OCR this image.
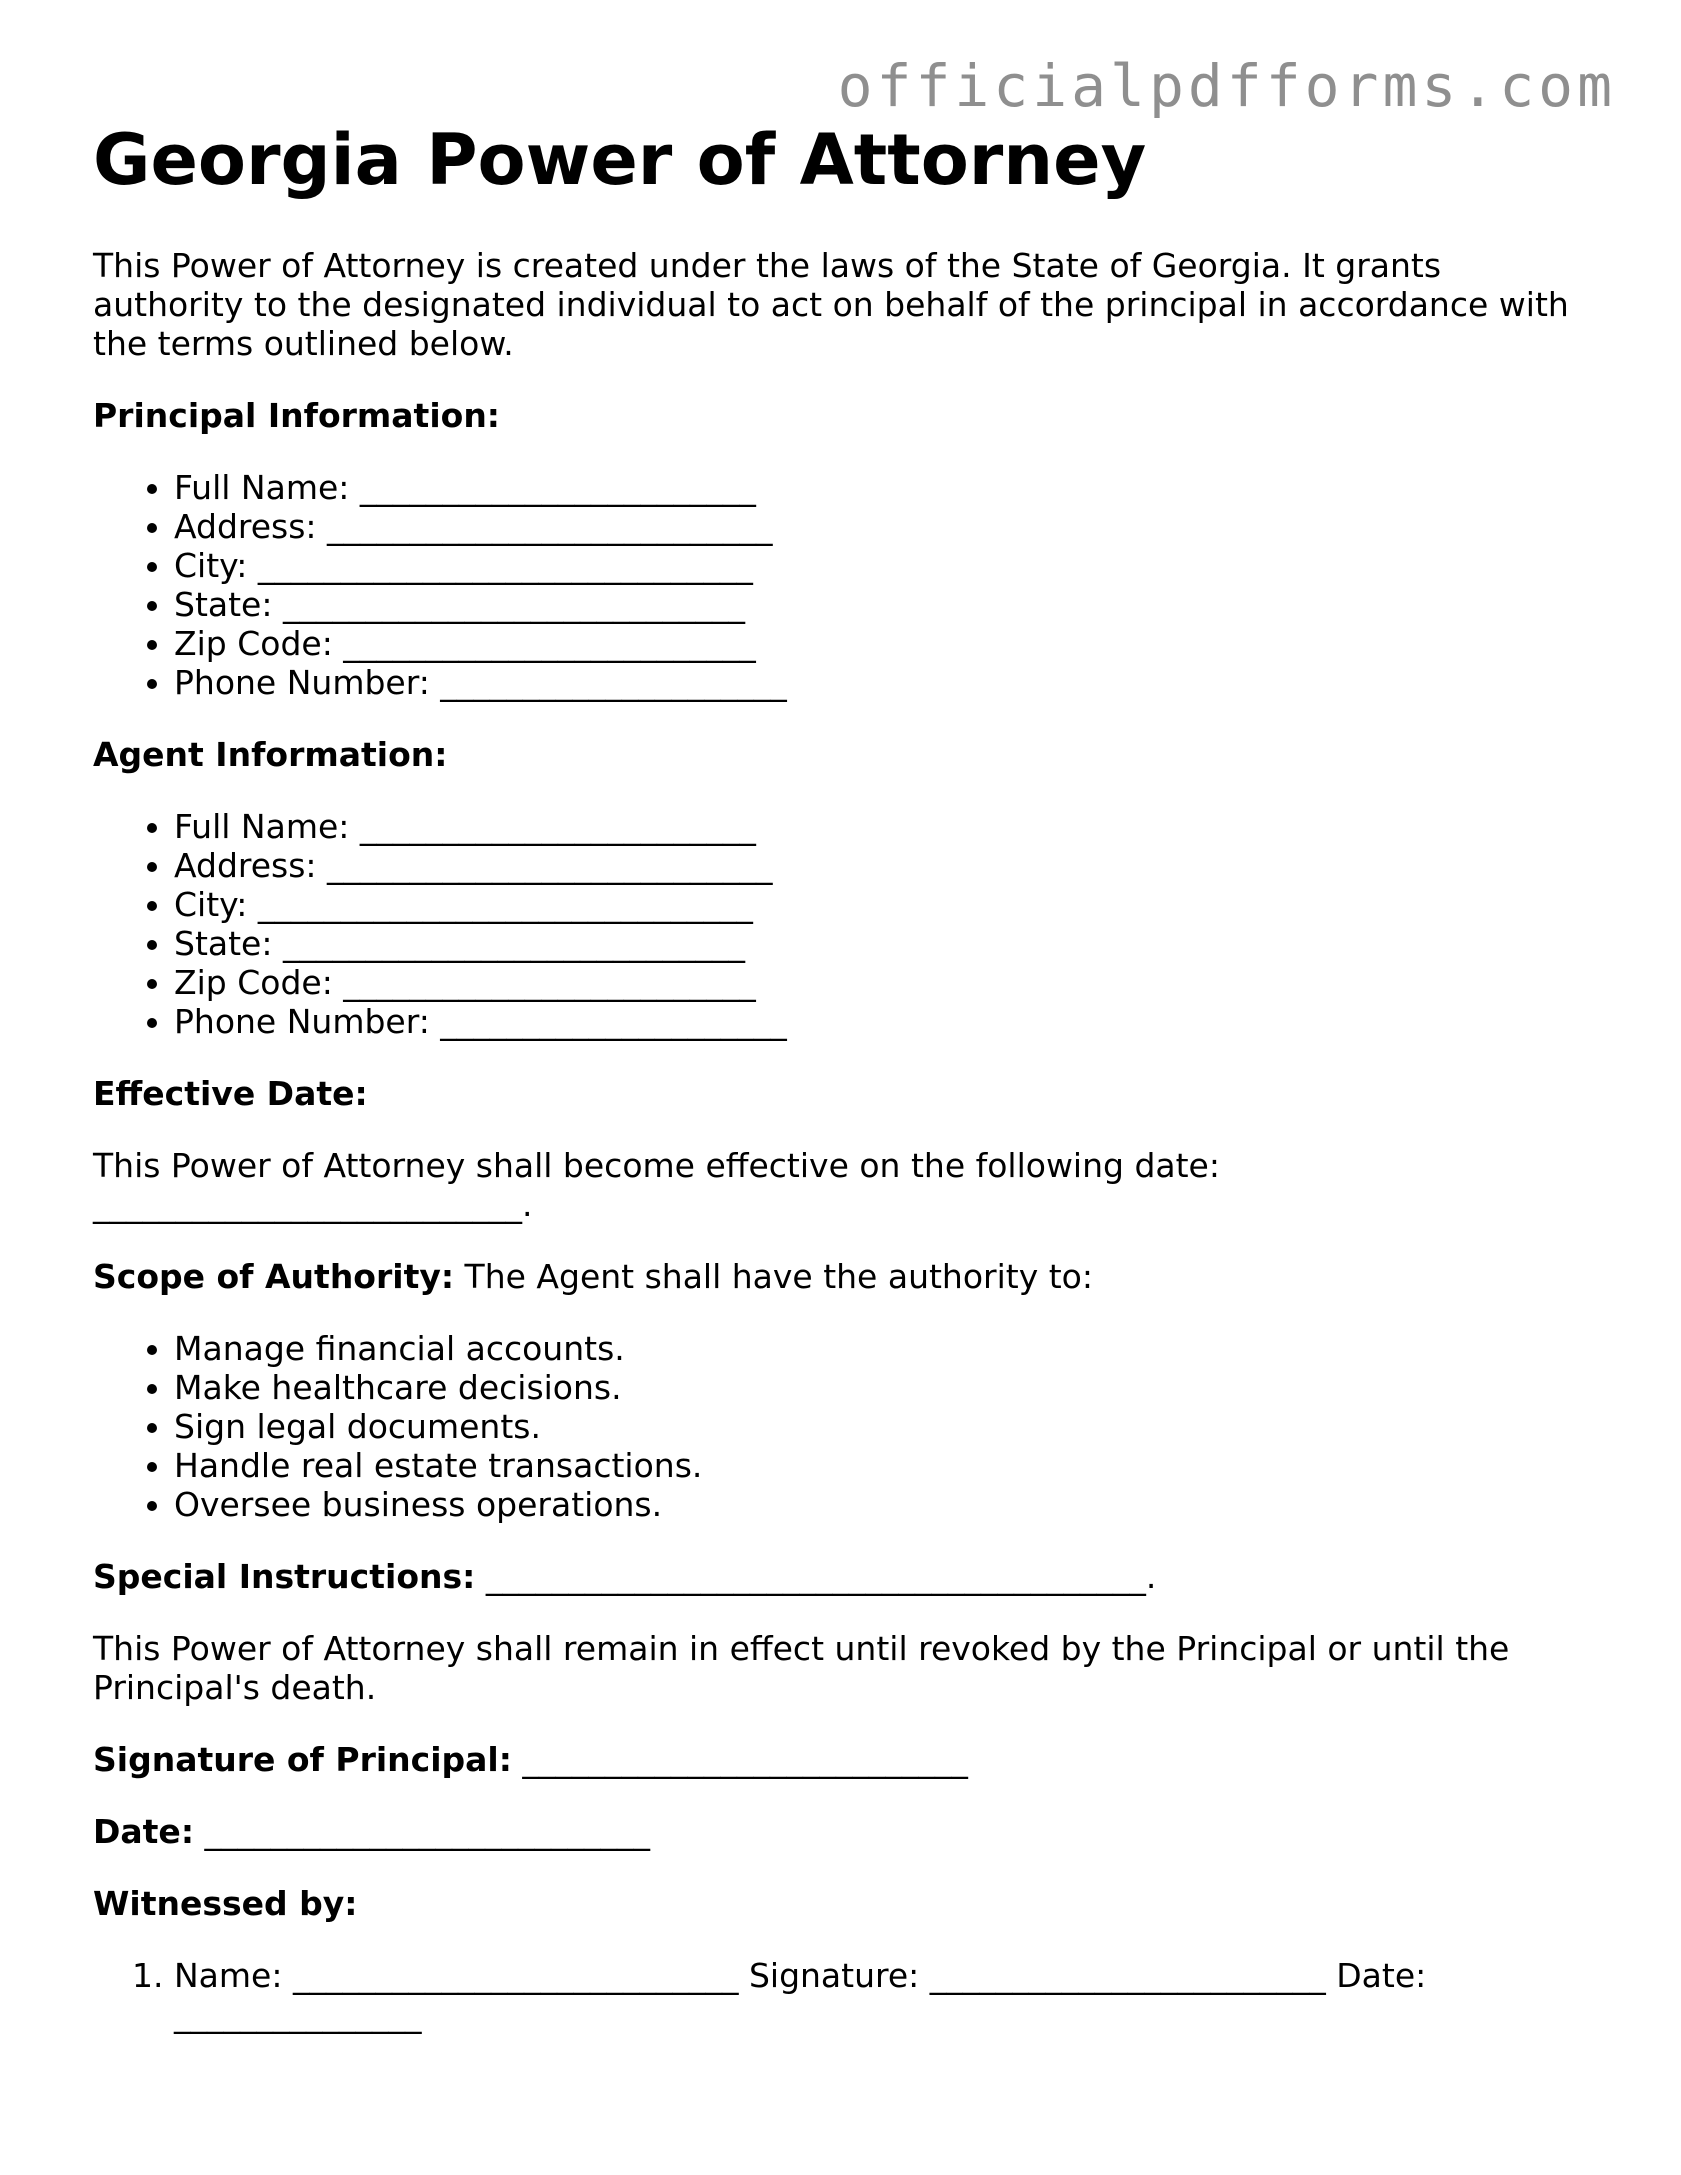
officialpdfforms.com
Georgia Power of Attorney

This Power of Attorney is created under the laws of the State of Georgia. It grants authority to the designated individual to act on behalf of the principal in accordance with the terms outlined below.

Principal Information:

• Full Name: ________________________
• Address: ___________________________
• City: ______________________________
• State: ____________________________
• Zip Code: _________________________
• Phone Number: _____________________

Agent Information:

• Full Name: ________________________
• Address: ___________________________
• City: ______________________________
• State: ____________________________
• Zip Code: _________________________
• Phone Number: _____________________

Effective Date:

This Power of Attorney shall become effective on the following date: __________________________.

Scope of Authority: The Agent shall have the authority to:

• Manage financial accounts.
• Make healthcare decisions.
• Sign legal documents.
• Handle real estate transactions.
• Oversee business operations.

Special Instructions: ________________________________________.

This Power of Attorney shall remain in effect until revoked by the Principal or until the Principal's death.

Signature of Principal: ___________________________

Date: ___________________________

Witnessed by:

1. Name: ___________________________ Signature: ________________________ Date: _______________
